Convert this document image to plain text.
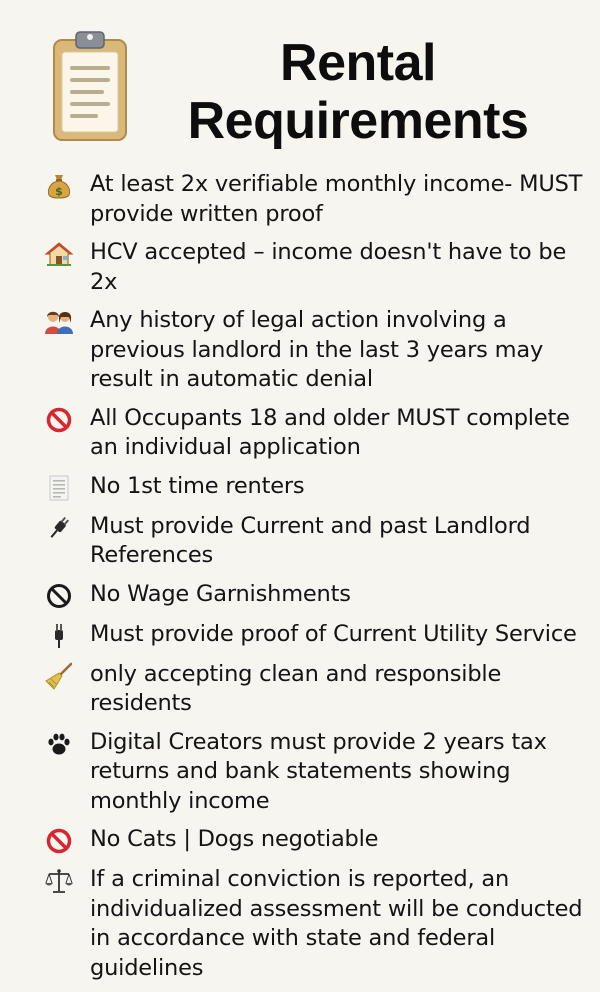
Rental
Requirements
$ At least 2x verifiable monthly income- MUST provide written proof
HCV accepted – income doesn't have to be 2x
Any history of legal action involving a previous landlord in the last 3 years may result in automatic denial
All Occupants 18 and older MUST complete an individual application
No 1st time renters
Must provide Current and past Landlord References
No Wage Garnishments
Must provide proof of Current Utility Service
only accepting clean and responsible residents
Digital Creators must provide 2 years tax returns and bank statements showing monthly income
No Cats | Dogs negotiable
If a criminal conviction is reported, an individualized assessment will be conducted in accordance with state and federal guidelines
